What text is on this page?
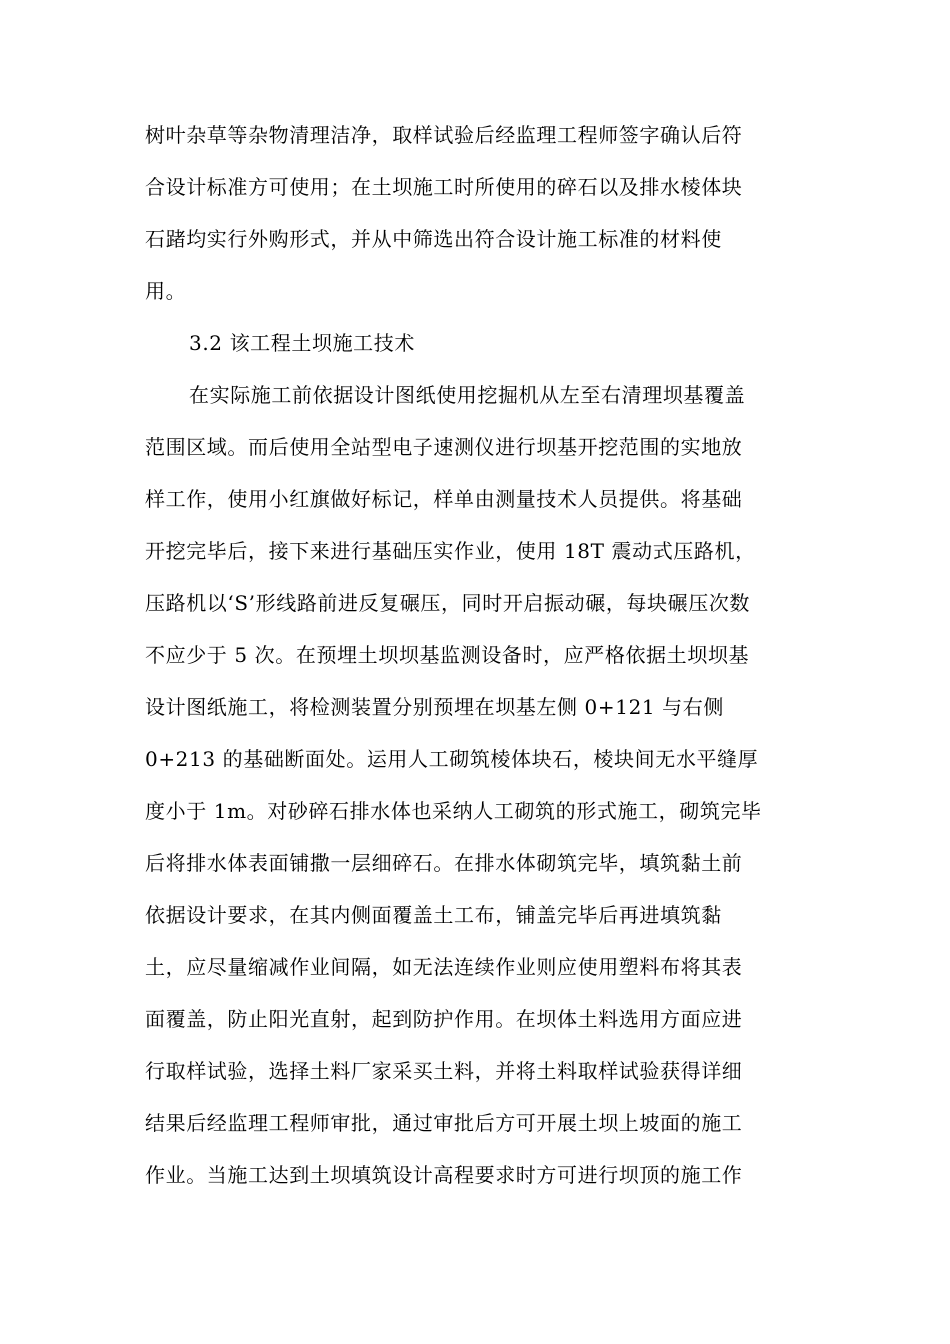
树叶杂草等杂物清理洁净，取样试验后经监理工程师签字确认后符
合设计标准方可使用；在土坝施工时所使用的碎石以及排水棱体块
石踷均实行外购形式，并从中筛选出符合设计施工标准的材料使
用。
3.2 该工程土坝施工技术
在实际施工前依据设计图纸使用挖掘机从左至右清理坝基覆盖
范围区域。而后使用全站型电子速测仪进行坝基开挖范围的实地放
样工作，使用小红旗做好标记，样单由测量技术人员提供。将基础
开挖完毕后，接下来进行基础压实作业，使用 18T 震动式压路机，
压路机以‘S’形线路前进反复碾压，同时开启振动碾，每块碾压次数
不应少于 5 次。在预埋土坝坝基监测设备时，应严格依据土坝坝基
设计图纸施工，将检测装置分别预埋在坝基左侧 0+121 与右侧
0+213 的基础断面处。运用人工砌筑棱体块石，棱块间无水平缝厚
度小于 1m。对砂碎石排水体也采纳人工砌筑的形式施工，砌筑完毕
后将排水体表面铺撒一层细碎石。在排水体砌筑完毕，填筑黏土前
依据设计要求，在其内侧面覆盖土工布，铺盖完毕后再进填筑黏
土，应尽量缩减作业间隔，如无法连续作业则应使用塑料布将其表
面覆盖，防止阳光直射，起到防护作用。在坝体土料选用方面应进
行取样试验，选择土料厂家采买土料，并将土料取样试验获得详细
结果后经监理工程师审批，通过审批后方可开展土坝上坡面的施工
作业。当施工达到土坝填筑设计高程要求时方可进行坝顶的施工作
